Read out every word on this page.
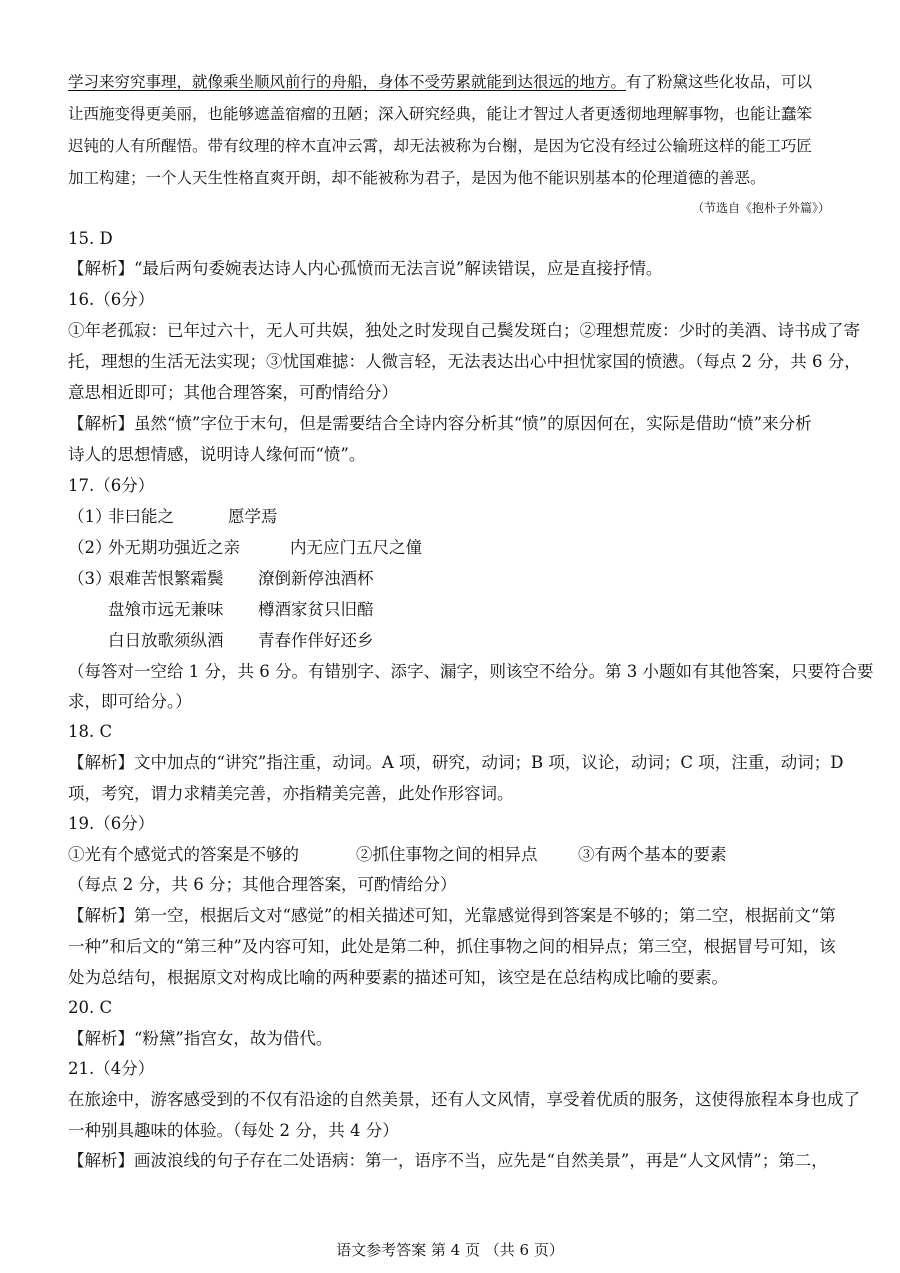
学习来穷究事理，就像乘坐顺风前行的舟船，身体不受劳累就能到达很远的地方。有了粉黛这些化妆品，可以
让西施变得更美丽，也能够遮盖宿瘤的丑陋；深入研究经典，能让才智过人者更透彻地理解事物，也能让蠢笨
迟钝的人有所醒悟。带有纹理的梓木直冲云霄，却无法被称为台榭，是因为它没有经过公输班这样的能工巧匠
加工构建；一个人天生性格直爽开朗，却不能被称为君子，是因为他不能识别基本的伦理道德的善恶。
（节选自《抱朴子外篇》）
15. D
【解析】“最后两句委婉表达诗人内心孤愤而无法言说”解读错误，应是直接抒情。
16.（6分）
①年老孤寂：已年过六十，无人可共娱，独处之时发现自己鬓发斑白；②理想荒废：少时的美酒、诗书成了寄
托，理想的生活无法实现；③忧国难摅：人微言轻，无法表达出心中担忧家国的愤懑。（每点 2 分，共 6 分，
意思相近即可；其他合理答案，可酌情给分）
【解析】虽然“愤”字位于末句，但是需要结合全诗内容分析其“愤”的原因何在，实际是借助“愤”来分析
诗人的思想情感，说明诗人缘何而“愤”。
17.（6分）
（1）
非曰能之	愿学焉
（2）
外无期功强近之亲	内无应门五尺之僮
（3）
艰难苦恨繁霜鬓 潦倒新停浊酒杯
盘飧市远无兼味 樽酒家贫只旧醅
白日放歌须纵酒 青春作伴好还乡
（每答对一空给 1 分，共 6 分。有错别字、添字、漏字，则该空不给分。第 3 小题如有其他答案，只要符合要
求，即可给分。）
18. C
【解析】文中加点的“讲究”指注重，动词。A 项，研究，动词；B 项，议论，动词；C 项，注重，动词；D
项，考究，谓力求精美完善，亦指精美完善，此处作形容词。
19.（6分）
①光有个感觉式的答案是不够的	②抓住事物之间的相异点 ③有两个基本的要素
（每点 2 分，共 6 分；其他合理答案，可酌情给分）
【解析】第一空，根据后文对“感觉”的相关描述可知，光靠感觉得到答案是不够的；第二空，根据前文“第
一种”和后文的“第三种”及内容可知，此处是第二种，抓住事物之间的相异点；第三空，根据冒号可知，该
处为总结句，根据原文对构成比喻的两种要素的描述可知，该空是在总结构成比喻的要素。
20. C
【解析】“粉黛”指宫女，故为借代。
21.（4分）
在旅途中，游客感受到的不仅有沿途的自然美景，还有人文风情，享受着优质的服务，这使得旅程本身也成了
一种别具趣味的体验。（每处 2 分，共 4 分）
【解析】画波浪线的句子存在二处语病：第一，语序不当，应先是“自然美景”，再是“人文风情”；第二，
语文参考答案 第 4 页 （共 6 页）
